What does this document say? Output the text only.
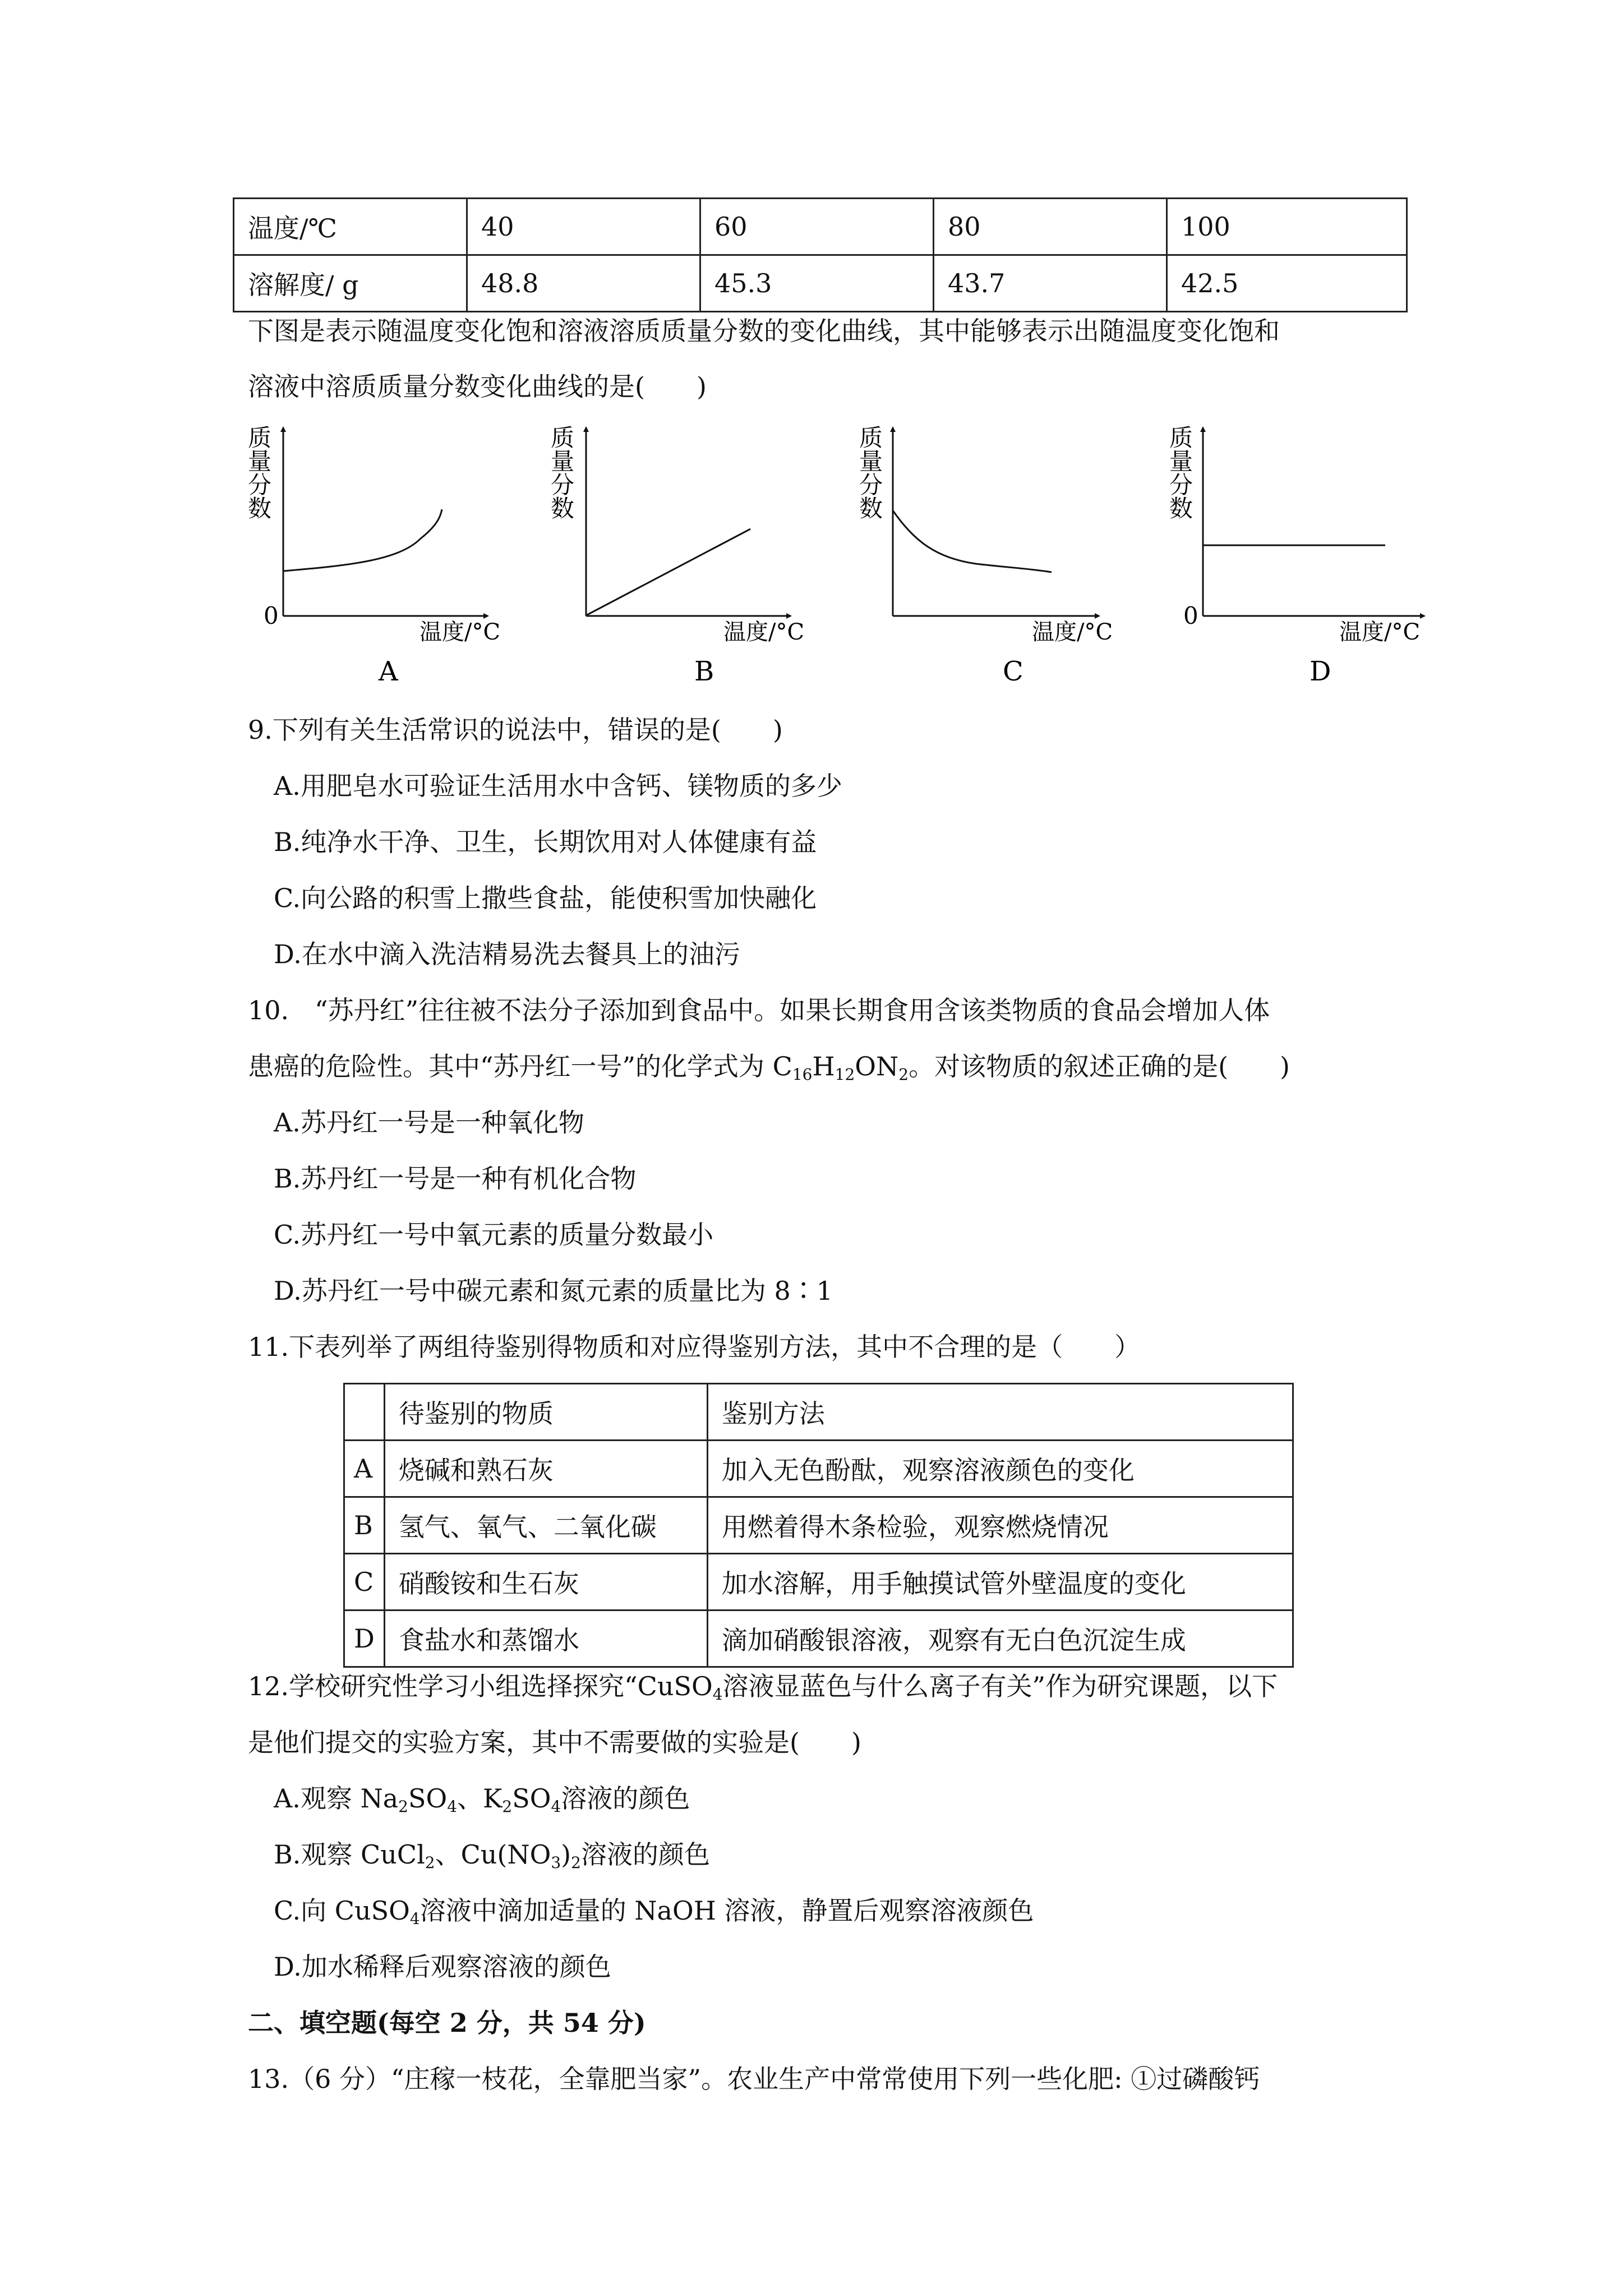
温度/℃	40	60	80	100
溶解度/ g	48.8	45.3	43.7	42.5
下图是表示随温度变化饱和溶液溶质质量分数的变化曲线，其中能够表示出随温度变化饱和
溶液中溶质质量分数变化曲线的是(　　)
质
量
分
数
0
温度/°C
A
质
量
分
数
温度/°C
B
质
量
分
数
温度/°C
C
质
量
分
数
0
温度/°C
D
9.下列有关生活常识的说法中，错误的是(　　)
A.用肥皂水可验证生活用水中含钙、镁物质的多少
B.纯净水干净、卫生，长期饮用对人体健康有益
C.向公路的积雪上撒些食盐，能使积雪加快融化
D.在水中滴入洗洁精易洗去餐具上的油污
10.　“苏丹红”往往被不法分子添加到食品中。如果长期食用含该类物质的食品会增加人体
患癌的危险性。其中“苏丹红一号”的化学式为 $C_{16}H_{12}ON_2$。对该物质的叙述正确的是(　　)
A.苏丹红一号是一种氧化物
B.苏丹红一号是一种有机化合物
C.苏丹红一号中氧元素的质量分数最小
D.苏丹红一号中碳元素和氮元素的质量比为 8∶1
11.下表列举了两组待鉴别得物质和对应得鉴别方法，其中不合理的是（　　）
	待鉴别的物质	鉴别方法
A	烧碱和熟石灰	加入无色酚酞，观察溶液颜色的变化
B	氢气、氧气、二氧化碳	用燃着得木条检验，观察燃烧情况
C	硝酸铵和生石灰	加水溶解，用手触摸试管外壁温度的变化
D	食盐水和蒸馏水	滴加硝酸银溶液，观察有无白色沉淀生成
12.学校研究性学习小组选择探究“CuSO$_4$溶液显蓝色与什么离子有关”作为研究课题，以下
是他们提交的实验方案，其中不需要做的实验是(　　)
A.观察 $Na_2SO_4$、$K_2SO_4$溶液的颜色
B.观察 CuCl$_2$、$Cu(NO_3)_2$溶液的颜色
C.向 CuSO$_4$溶液中滴加适量的 NaOH 溶液，静置后观察溶液颜色
D.加水稀释后观察溶液的颜色
二、填空题(每空 2 分，共 54 分)
13.（6 分）“庄稼一枝花，全靠肥当家”。农业生产中常常使用下列一些化肥: ①过磷酸钙
